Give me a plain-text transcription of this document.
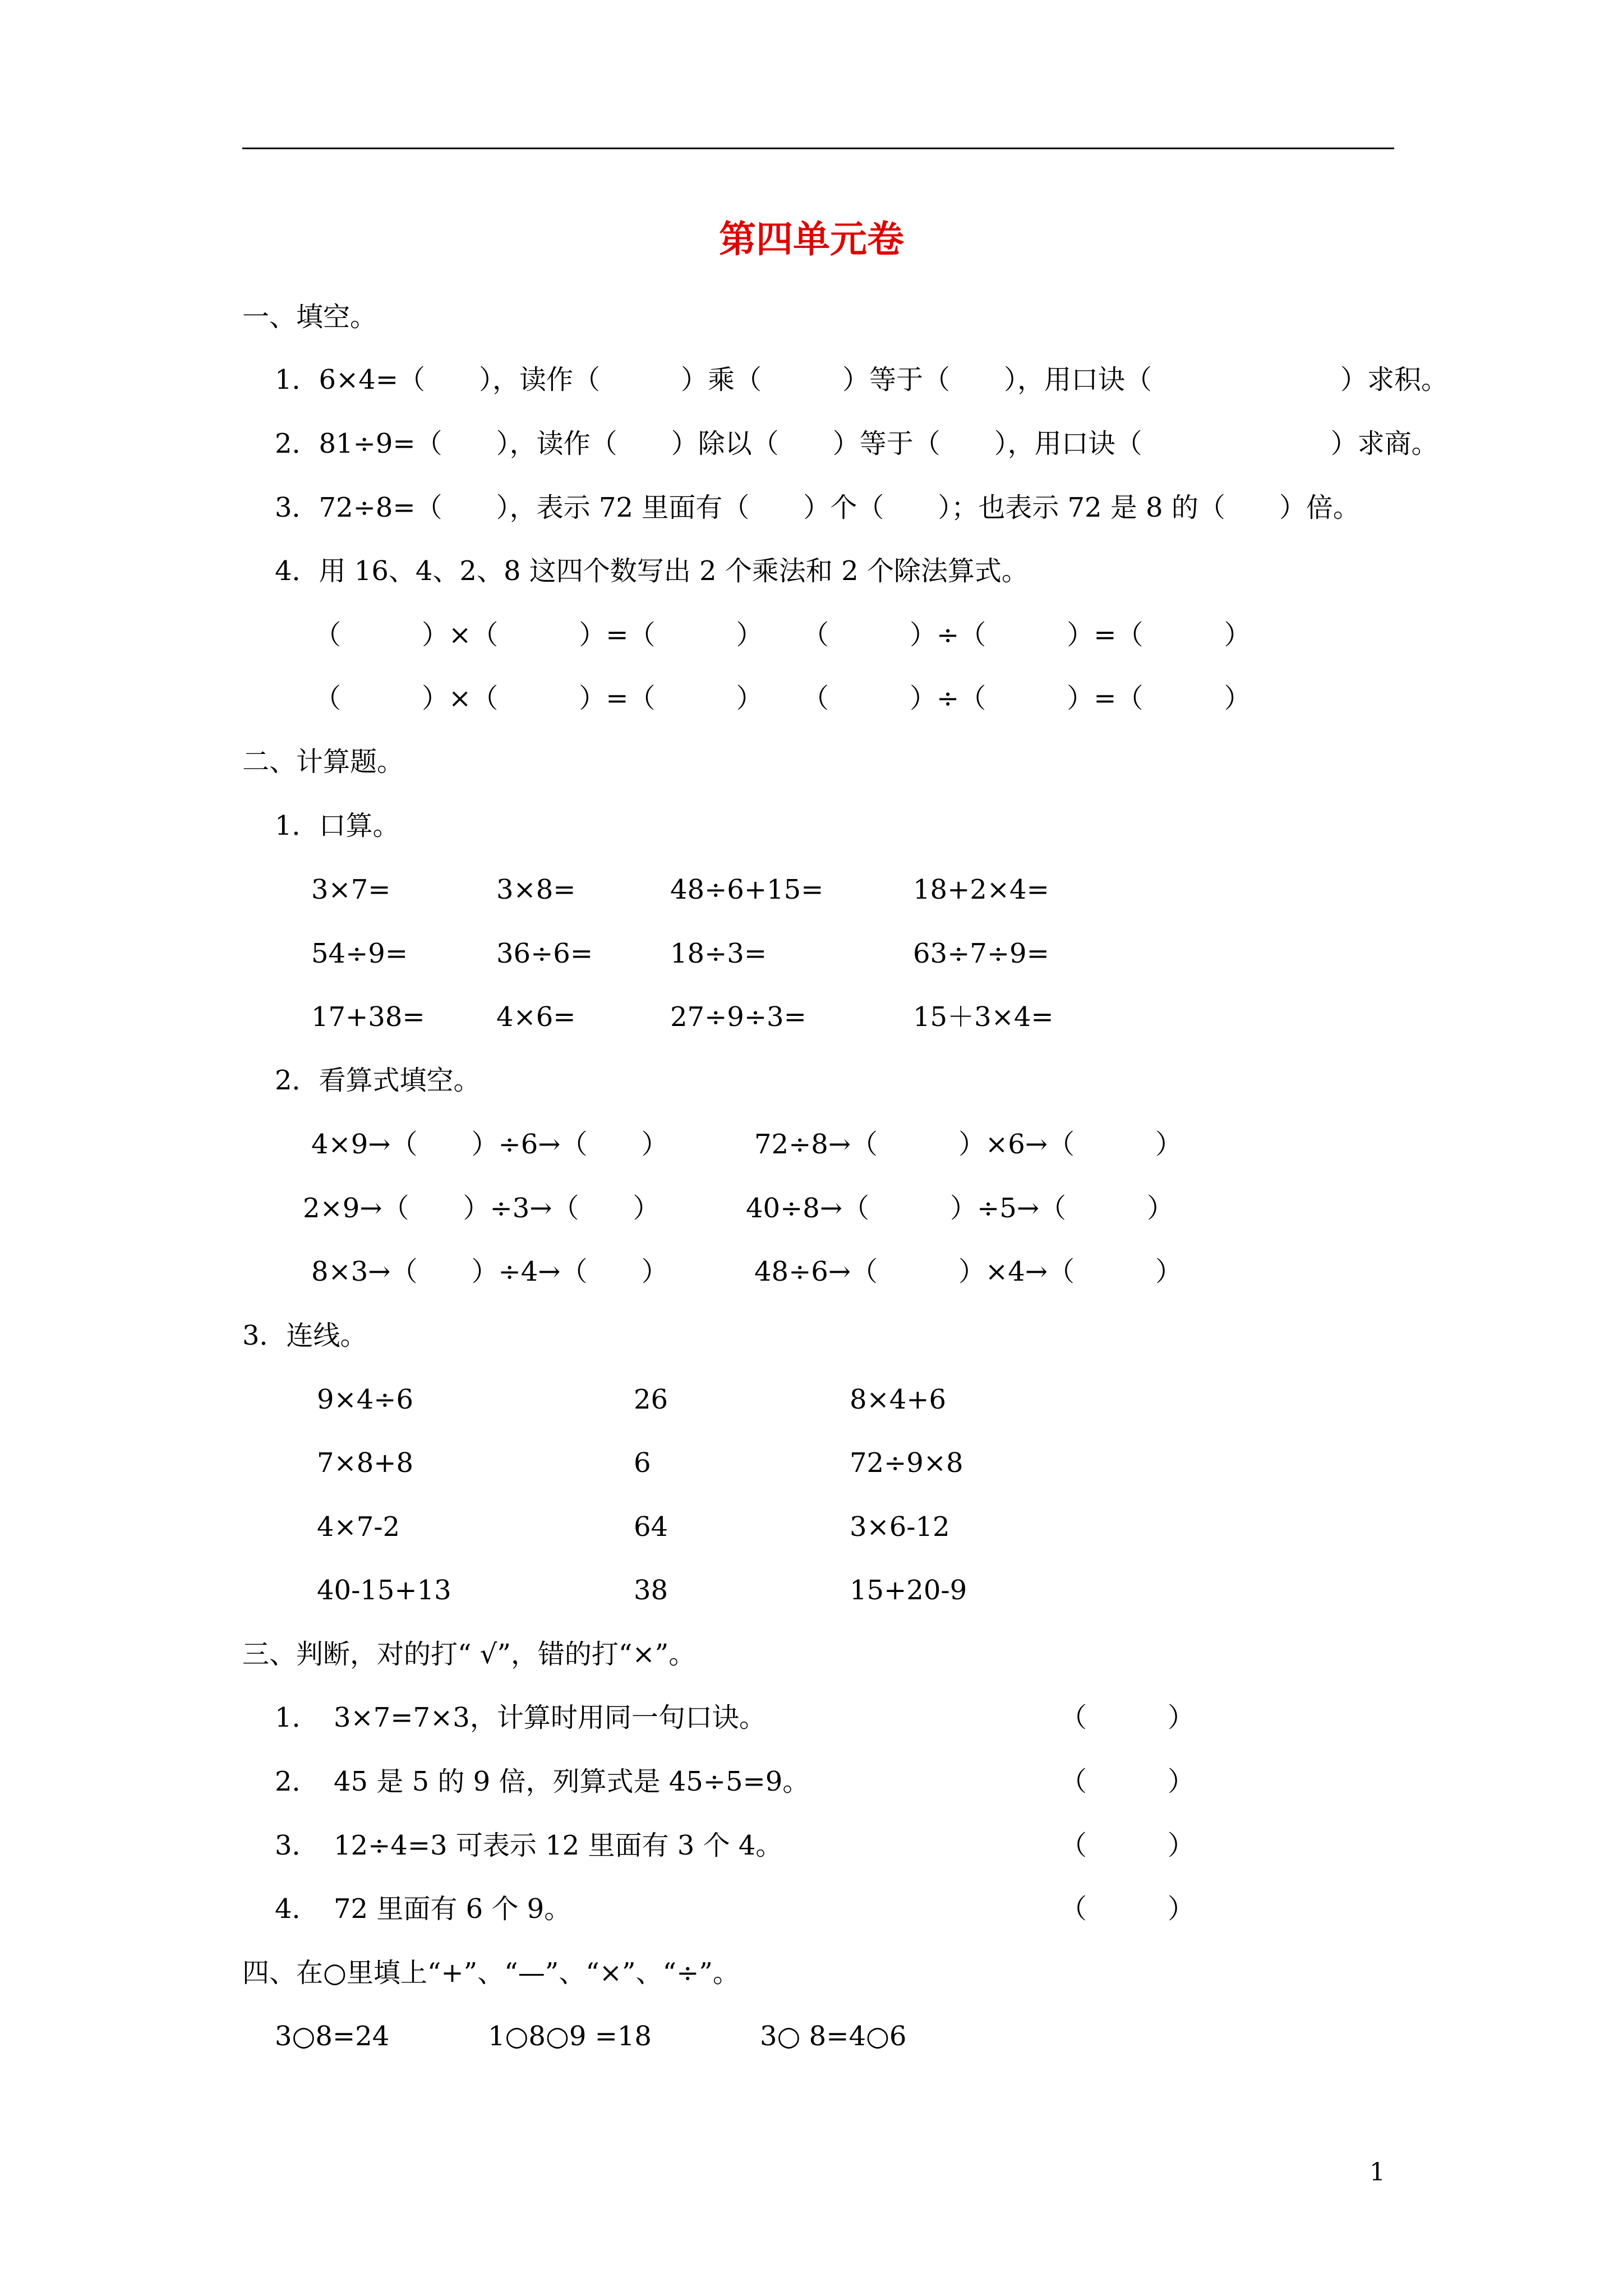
第四单元卷
一、填空。
1．6×4=（　　），读作（　　　）乘（　　　）等于（　　），用口诀（　　　　　　　）求积。
2．81÷9=（　　），读作（　　）除以（　　）等于（　　），用口诀（　　　　　　　）求商。
3．72÷8=（　　），表示 72 里面有（　　）个（　　）；也表示 72 是 8 的（　　）倍。
4．用 16、4、2、8 这四个数写出 2 个乘法和 2 个除法算式。
（　　　）×（　　　）=（　　　） （　　　）÷（　　　）=（　　　）
（　　　）×（　　　）=（　　　） （　　　）÷（　　　）=（　　　）
二、计算题。
1．口算。
3×7=	3×8=	48÷6+15=	18+2×4=
54÷9=	36÷6=	18÷3=	63÷7÷9=
17+38=	4×6=	27÷9÷3=	15＋3×4=
2．看算式填空。
4×9→（　　）÷6→（　　）	72÷8→（　　　）×6→（　　　）
2×9→（　　）÷3→（　　）	40÷8→（　　　）÷5→（　　　）
8×3→（　　）÷4→（　　）	48÷6→（　　　）×4→（　　　）
3．连线。
9×4÷6	26	8×4+6
7×8+8	6	72÷9×8
4×7-2	64	3×6-12
40-15+13	38	15+20-9
三、判断，对的打“ √”，错的打“×”。
1． 3×7=7×3，计算时用同一句口诀。	（　　　）
2． 45 是 5 的 9 倍，列算式是 45÷5=9。	（　　　）
3． 12÷4=3 可表示 12 里面有 3 个 4。	（　　　）
4． 72 里面有 6 个 9。	（　　　）
四、在○里填上“+”、“—”、“×”、“÷”。
3○8=24	1○8○9 =18	3○ 8=4○6
1
